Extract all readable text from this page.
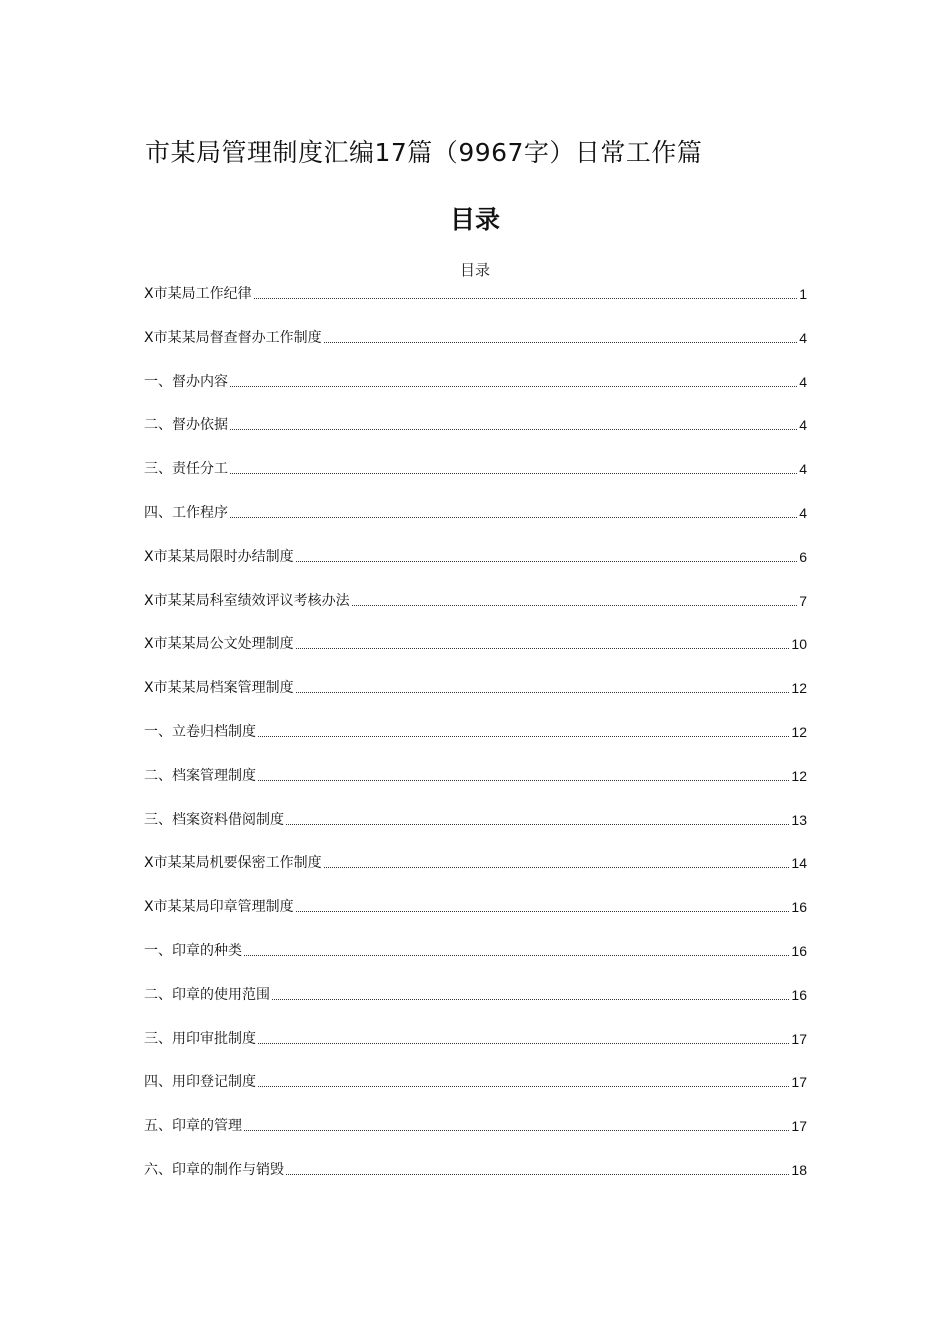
市某局管理制度汇编17篇（9967字）日常工作篇
目录
目录
X市某局工作纪律	1
X市某某局督查督办工作制度	4
一、督办内容	4
二、督办依据	4
三、责任分工	4
四、工作程序	4
X市某某局限时办结制度	6
X市某某局科室绩效评议考核办法	7
X市某某局公文处理制度	10
X市某某局档案管理制度	12
一、立卷归档制度	12
二、档案管理制度	12
三、档案资料借阅制度	13
X市某某局机要保密工作制度	14
X市某某局印章管理制度	16
一、印章的种类	16
二、印章的使用范围	16
三、用印审批制度	17
四、用印登记制度	17
五、印章的管理	17
六、印章的制作与销毁	18
